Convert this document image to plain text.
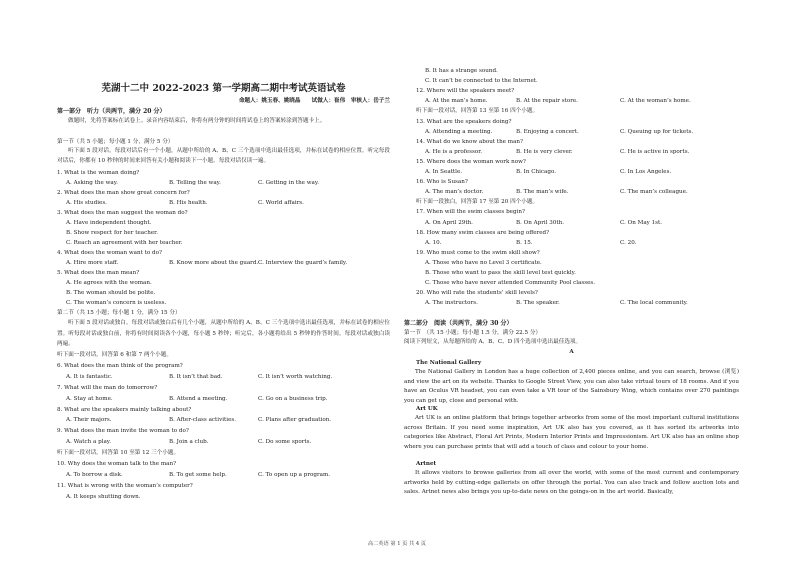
芜湖十二中 2022-2023 第一学期高二期中考试英语试卷
命题人：姚玉春、姚晓晶　　试做人：崔伟　审核人：岳子兰
第一部分　听力（共两节，满分 20 分）
做题时，先将答案标在试卷上。录音内容结束后，你将有两分钟的时间将试卷上的答案转涂到答题卡上。
第一节（共 5 小题；每小题 1 分，满分 5 分）
听下面 5 段对话。每段对话后有一个小题，从题中所给的 A、B、C 三个选项中选出最佳选项，并标在试卷的相应位置。听完每段对话后，你都有 10 秒钟的时间来回答有关小题和阅读下一小题。每段对话仅读一遍。
1. What is the woman doing?
A. Asking the way.	B. Telling the way.	C. Getting in the way.
2. What does the man show great concern for?
A. His studies.	B. His health.	C. World affairs.
3. What does the man suggest the woman do?
A. Have independent thought.
B. Show respect for her teacher.
C. Reach an agreement with her teacher.
4. What does the woman want to do?
A. Hire more staff.	B. Know more about the guard. C. Interview the guard’s family.
5. What does the man mean?
A. He agrees with the woman.
B. The woman should be polite.
C. The woman’s concern is useless.
第二节（共 15 小题；每小题 1 分，满分 15 分）
听下面 5 段对话或独白。每段对话或独白后有几个小题，从题中所给的 A、B、C 三个选项中选出最佳选项，并标在试卷的相应位置。听每段对话或独白前，你将有时间阅读各个小题，每小题 5 秒钟；听完后，各小题将给出 5 秒钟的作答时间。每段对话或独白读两遍。
听下面一段对话，回答第 6 和第 7 两个小题。
6. What does the man think of the program?
A. It is fantastic.	B. It isn’t that bad.	C. It isn’t worth watching.
7. What will the man do tomorrow?
A. Stay at home.	B. Attend a meeting.	C. Go on a business trip.
8. What are the speakers mainly talking about?
A. Their majors.	B. After-class activities.	C. Plans after graduation.
9. What does the man invite the woman to do?
A. Watch a play.	B. Join a club.	C. Do some sports.
听下面一段对话，回答第 10 至第 12 三个小题。
10. Why does the woman talk to the man?
A. To borrow a disk.	B. To get some help.	C. To open up a program.
11. What is wrong with the woman’s computer?
A. It keeps shutting down.
B. It has a strange sound.
C. It can’t be connected to the Internet.
12. Where will the speakers meet?
A. At the man’s home.	B. At the repair store.	C. At the woman’s home.
听下面一段对话，回答第 13 至第 16 四个小题。
13. What are the speakers doing?
A. Attending a meeting.	B. Enjoying a concert.	C. Queuing up for tickets.
14. What do we know about the man?
A. He is a professor.	B. He is very clever.	C. He is active in sports.
15. Where does the woman work now?
A. In Seattle.	B. In Chicago.	C. In Los Angeles.
16. Who is Susan?
A. The man’s doctor.	B. The man’s wife.	C. The man’s colleague.
听下面一段独白，回答第 17 至第 20 四个小题。
17. When will the swim classes begin?
A. On April 29th.	B. On April 30th.	C. On May 1st.
18. How many swim classes are being offered?
A. 10.	B. 15.	C. 20.
19. Who must come to the swim skill show?
A. Those who have no Level 3 certificate.
B. Those who want to pass the skill level test quickly.
C. Those who have never attended Community Pool classes.
20. Who will rate the students’ skill levels?
A. The instructors.	B. The speaker.	C. The local community.
第二部分　阅读（共两节，满分 30 分）
第一节　（共 15 小题；每小题 1.5 分，满分 22.5 分）
阅读下列短文，从每题所给的 A、B、C、D 四个选项中选出最佳选项。
A
The National Gallery
The National Gallery in London has a huge collection of 2,400 pieces online, and you can search, browse (浏览) and view the art on its website. Thanks to Google Street View, you can also take virtual tours of 18 rooms. And if you have an Oculus VR headset, you can even take a VR tour of the Sainsbury Wing, which contains over 270 paintings you can get up, close and personal with.
Art UK
Art UK is an online platform that brings together artworks from some of the most important cultural institutions across Britain. If you need some inspiration, Art UK also has you covered, as it has sorted its artworks into categories like Abstract, Floral Art Prints, Modern Interior Prints and Impressionism. Art UK also has an online shop where you can purchase prints that will add a touch of class and colour to your home.
Artnet
It allows visitors to browse galleries from all over the world, with some of the most current and contemporary artworks held by cutting-edge gallerists on offer through the portal. You can also track and follow auction lots and sales. Artnet news also brings you up-to-date news on the goings-on in the art world. Basically,
高二英语 第 1 页 共 4 页
